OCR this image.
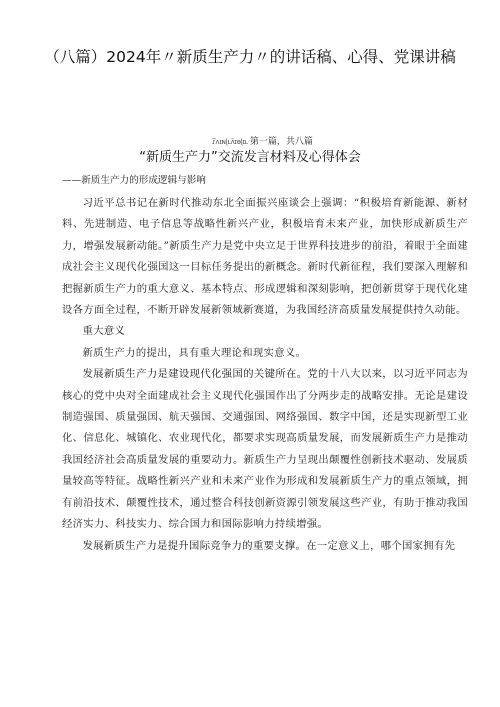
（八篇）2024年〃新质生产力〃的讲话稿、心得、党课讲稿
ɾ̅ʌɪɴɭʟʌ̄ɪɵɭɪʟ 第一篇，共八篇
“新质生产力”交流发言材料及心得体会
——新质生产力的形成逻辑与影响

习近平总书记在新时代推动东北全面振兴座谈会上强调：“积极培育新能源、新材料、先进制造、电子信息等战略性新兴产业，积极培育未来产业，加快形成新质生产力，增强发展新动能。”新质生产力是党中央立足于世界科技进步的前沿，着眼于全面建成社会主义现代化强国这一目标任务提出的新概念。新时代新征程，我们要深入理解和把握新质生产力的重大意义、基本特点、形成逻辑和深刻影响，把创新贯穿于现代化建设各方面全过程，不断开辟发展新领域新赛道，为我国经济高质量发展提供持久动能。

重大意义

新质生产力的提出，具有重大理论和现实意义。

发展新质生产力是建设现代化强国的关键所在。党的十八大以来，以习近平同志为核心的党中央对全面建成社会主义现代化强国作出了分两步走的战略安排。无论是建设制造强国、质量强国、航天强国、交通强国、网络强国、数字中国，还是实现新型工业化、信息化、城镇化、农业现代化，都要求实现高质量发展，而发展新质生产力是推动我国经济社会高质量发展的重要动力。新质生产力呈现出颠覆性创新技术驱动、发展质量较高等特征。战略性新兴产业和未来产业作为形成和发展新质生产力的重点领域，拥有前沿技术、颠覆性技术，通过整合科技创新资源引领发展这些产业，有助于推动我国经济实力、科技实力、综合国力和国际影响力持续增强。

发展新质生产力是提升国际竞争力的重要支撑。在一定意义上，哪个国家拥有先
